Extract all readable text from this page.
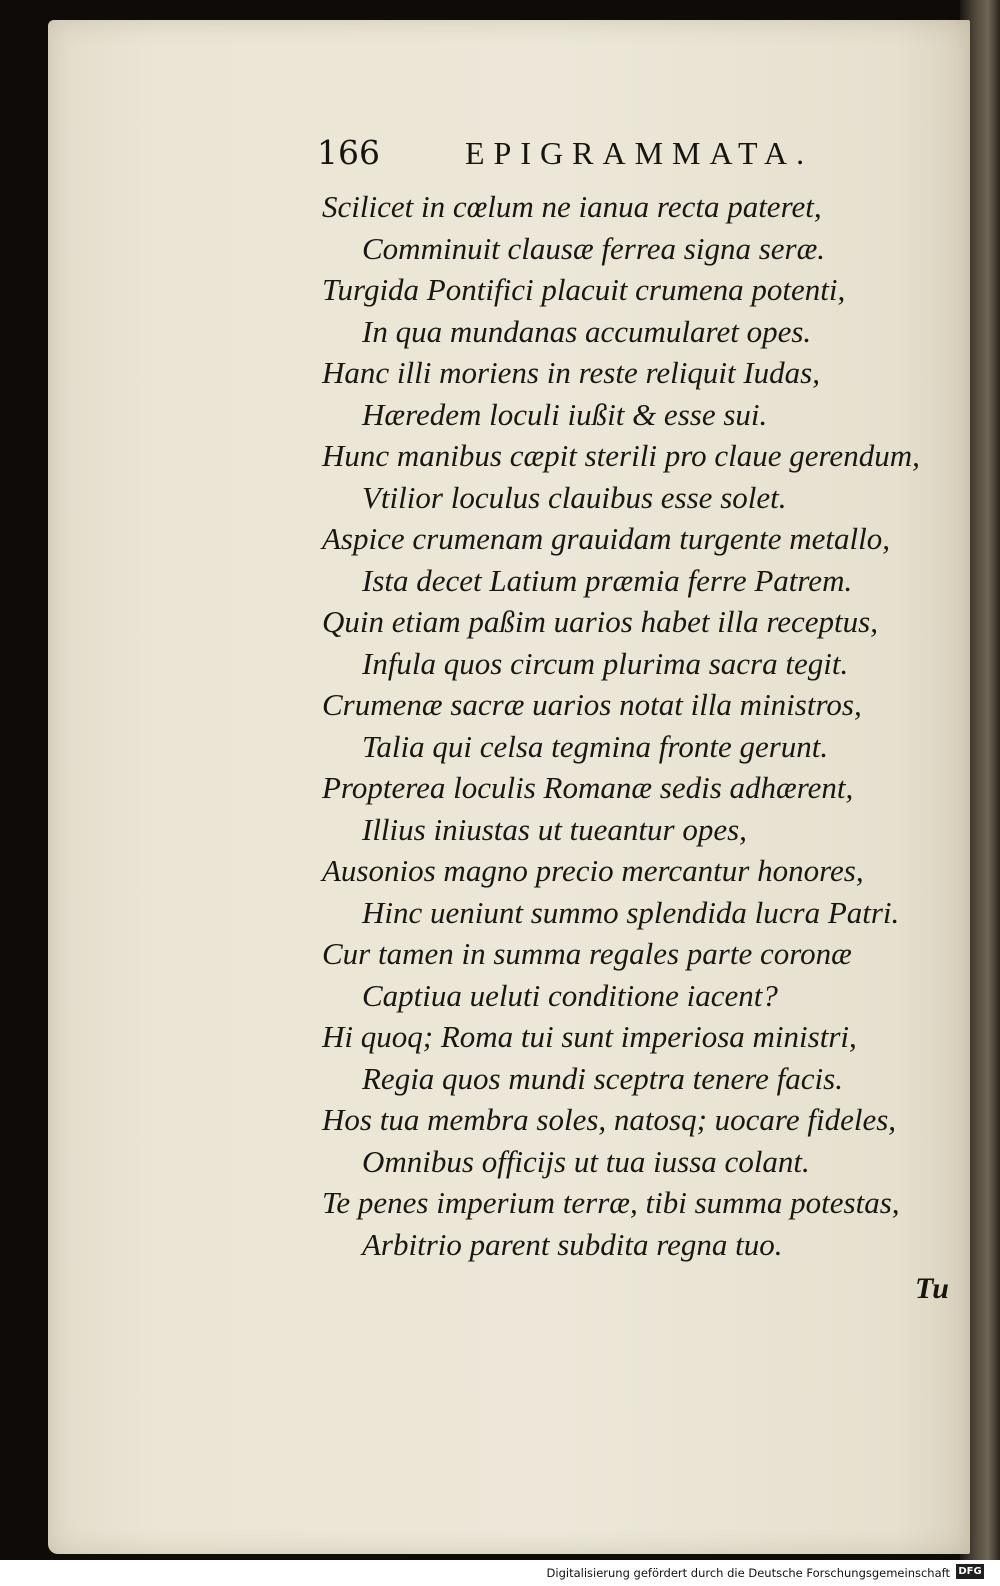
166	EPIGRAMMATA.
Scilicet in cœlum ne ianua recta pateret,
Comminuit clausæ ferrea signa seræ.
Turgida Pontifici placuit crumena potenti,
In qua mundanas accumularet opes.
Hanc illi moriens in reste reliquit Iudas,
Hæredem loculi iußit & esse sui.
Hunc manibus cæpit sterili pro claue gerendum,
Vtilior loculus clauibus esse solet.
Aspice crumenam grauidam turgente metallo,
Ista decet Latium præmia ferre Patrem.
Quin etiam paßim uarios habet illa receptus,
Infula quos circum plurima sacra tegit.
Crumenæ sacræ uarios notat illa ministros,
Talia qui celsa tegmina fronte gerunt.
Propterea loculis Romanæ sedis adhærent,
Illius iniustas ut tueantur opes,
Ausonios magno precio mercantur honores,
Hinc ueniunt summo splendida lucra Patri.
Cur tamen in summa regales parte coronæ
Captiua ueluti conditione iacent?
Hi quoq; Roma tui sunt imperiosa ministri,
Regia quos mundi sceptra tenere facis.
Hos tua membra soles, natosq; uocare fideles,
Omnibus officijs ut tua iussa colant.
Te penes imperium terræ, tibi summa potestas,
Arbitrio parent subdita regna tuo.
Tu
Digitalisierung gefördert durch die Deutsche Forschungsgemeinschaft DFG
